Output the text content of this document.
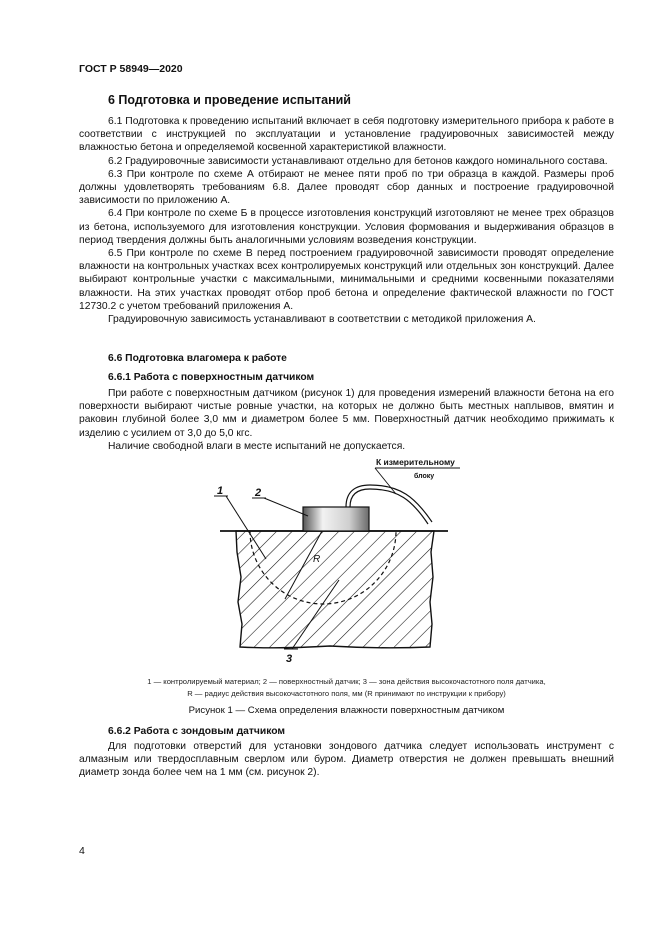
ГОСТ Р 58949—2020
6 Подготовка и проведение испытаний

6.1 Подготовка к проведению испытаний включает в себя подготовку измерительного прибора к работе в соответствии с инструкцией по эксплуатации и установление градуировочных зависимостей между влажностью бетона и определяемой косвенной характеристикой влажности.

6.2 Градуировочные зависимости устанавливают отдельно для бетонов каждого номинального состава.

6.3 При контроле по схеме А отбирают не менее пяти проб по три образца в каждой. Размеры проб должны удовлетворять требованиям 6.8. Далее проводят сбор данных и построение градуировочной зависимости по приложению А.

6.4 При контроле по схеме Б в процессе изготовления конструкций изготовляют не менее трех образцов из бетона, используемого для изготовления конструкции. Условия формования и выдерживания образцов в период твердения должны быть аналогичными условиям возведения конструкции.

6.5 При контроле по схеме В перед построением градуировочной зависимости проводят определение влажности на контрольных участках всех контролируемых конструкций или отдельных зон конструкций. Далее выбирают контрольные участки с максимальными, минимальными и средними косвенными показателями влажности. На этих участках проводят отбор проб бетона и определение фактической влажности по ГОСТ 12730.2 с учетом требований приложения А.

Градуировочную зависимость устанавливают в соответствии с методикой приложения А.

6.6 Подготовка влагомера к работе
6.6.1 Работа с поверхностным датчиком

При работе с поверхностным датчиком (рисунок 1) для проведения измерений влажности бетона на его поверхности выбирают чистые ровные участки, на которых не должно быть местных наплывов, вмятин и раковин глубиной более 3,0 мм и диаметром более 5 мм. Поверхностный датчик необходимо прижимать к изделию с усилием от 3,0 до 5,0 кгс.

Наличие свободной влаги в месте испытаний не допускается.

R
К измерительному
блоку
1	2
3
1 — контролируемый материал; 2 — поверхностный датчик; 3 — зона действия высокочастотного поля датчика,
R — радиус действия высокочастотного поля, мм (R принимают по инструкции к прибору)
Рисунок 1 — Схема определения влажности поверхностным датчиком
6.6.2 Работа с зондовым датчиком

Для подготовки отверстий для установки зондового датчика следует использовать инструмент с алмазным или твердосплавным сверлом или буром. Диаметр отверстия не должен превышать внешний диаметр зонда более чем на 1 мм (см. рисунок 2).

4
